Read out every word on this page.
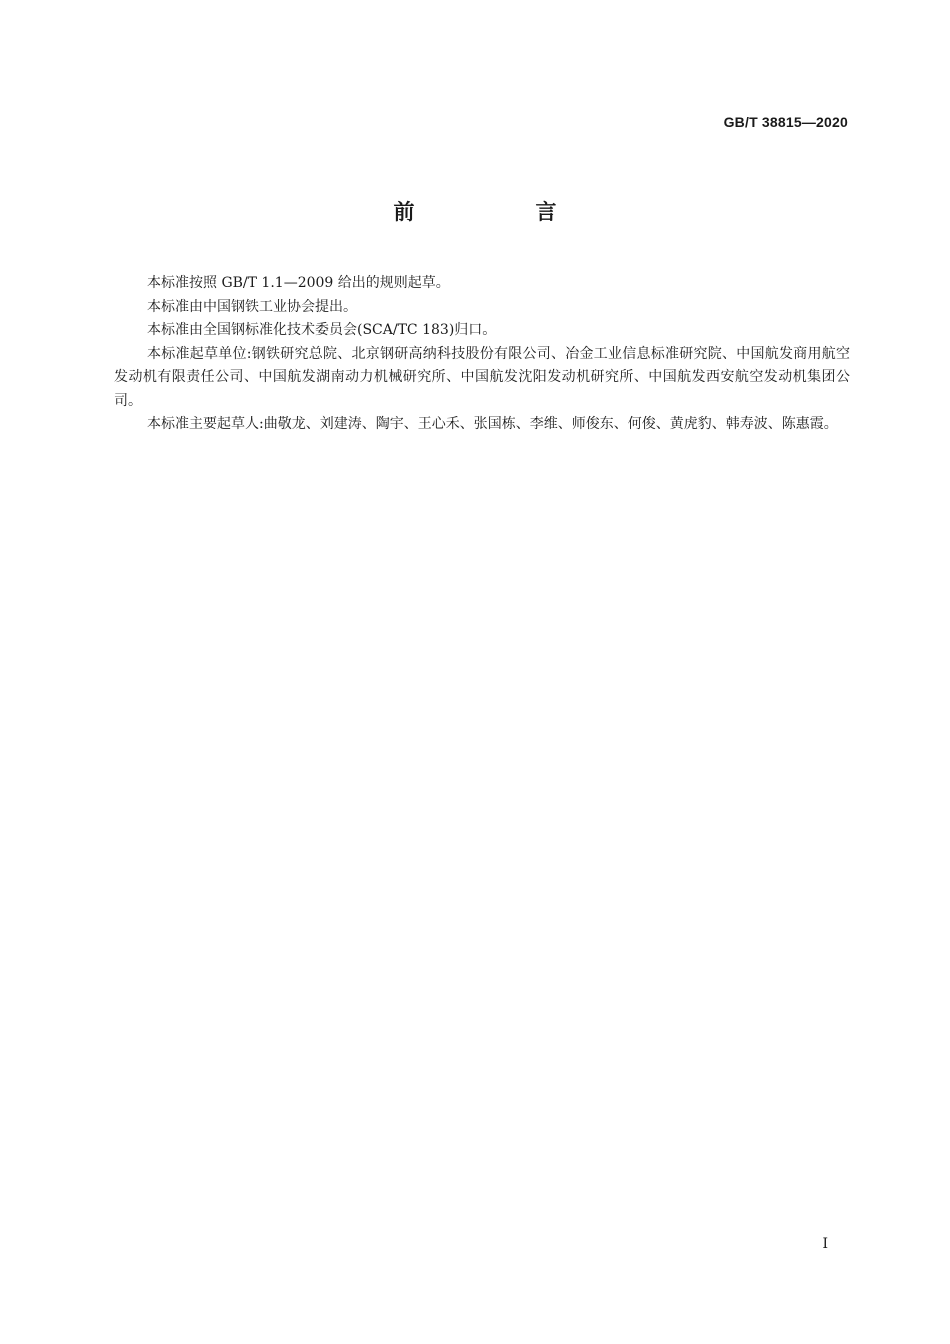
GB/T 38815—2020
前　言

本标准按照 GB/T 1.1—2009 给出的规则起草。

本标准由中国钢铁工业协会提出。

本标准由全国钢标准化技术委员会(SCA/TC 183)归口。

本标准起草单位:钢铁研究总院、北京钢研高纳科技股份有限公司、冶金工业信息标准研究院、中国航发商用航空发动机有限责任公司、中国航发湖南动力机械研究所、中国航发沈阳发动机研究所、中国航发西安航空发动机集团公司。

本标准主要起草人:曲敬龙、刘建涛、陶宇、王心禾、张国栋、李维、师俊东、何俊、黄虎豹、韩寿波、陈惠霞。

I
